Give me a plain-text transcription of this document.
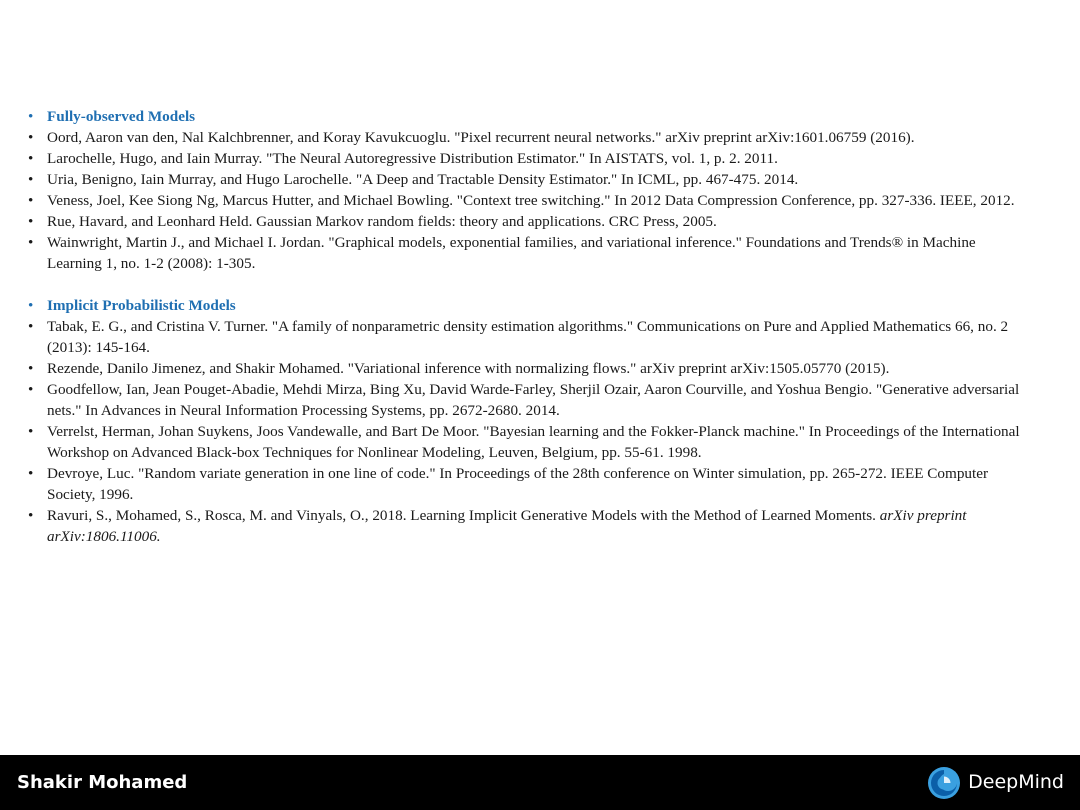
• Fully-observed Models
• Oord, Aaron van den, Nal Kalchbrenner, and Koray Kavukcuoglu. "Pixel recurrent neural networks." arXiv preprint arXiv:1601.06759 (2016).
• Larochelle, Hugo, and Iain Murray. "The Neural Autoregressive Distribution Estimator." In AISTATS, vol. 1, p. 2. 2011.
• Uria, Benigno, Iain Murray, and Hugo Larochelle. "A Deep and Tractable Density Estimator." In ICML, pp. 467-475. 2014.
• Veness, Joel, Kee Siong Ng, Marcus Hutter, and Michael Bowling. "Context tree switching." In 2012 Data Compression Conference, pp. 327-336. IEEE, 2012.
• Rue, Havard, and Leonhard Held. Gaussian Markov random fields: theory and applications. CRC Press, 2005.
• Wainwright, Martin J., and Michael I. Jordan. "Graphical models, exponential families, and variational inference." Foundations and Trends® in Machine Learning 1, no. 1-2 (2008): 1-305.
• Implicit Probabilistic Models
• Tabak, E. G., and Cristina V. Turner. "A family of nonparametric density estimation algorithms." Communications on Pure and Applied Mathematics 66, no. 2 (2013): 145-164.
• Rezende, Danilo Jimenez, and Shakir Mohamed. "Variational inference with normalizing flows." arXiv preprint arXiv:1505.05770 (2015).
• Goodfellow, Ian, Jean Pouget-Abadie, Mehdi Mirza, Bing Xu, David Warde-Farley, Sherjil Ozair, Aaron Courville, and Yoshua Bengio. "Generative adversarial nets." In Advances in Neural Information Processing Systems, pp. 2672-2680. 2014.
• Verrelst, Herman, Johan Suykens, Joos Vandewalle, and Bart De Moor. "Bayesian learning and the Fokker-Planck machine." In Proceedings of the International Workshop on Advanced Black-box Techniques for Nonlinear Modeling, Leuven, Belgium, pp. 55-61. 1998.
• Devroye, Luc. "Random variate generation in one line of code." In Proceedings of the 28th conference on Winter simulation, pp. 265-272. IEEE Computer Society, 1996.
• Ravuri, S., Mohamed, S., Rosca, M. and Vinyals, O., 2018. Learning Implicit Generative Models with the Method of Learned Moments. arXiv preprint arXiv:1806.11006.
Shakir Mohamed	DeepMind
